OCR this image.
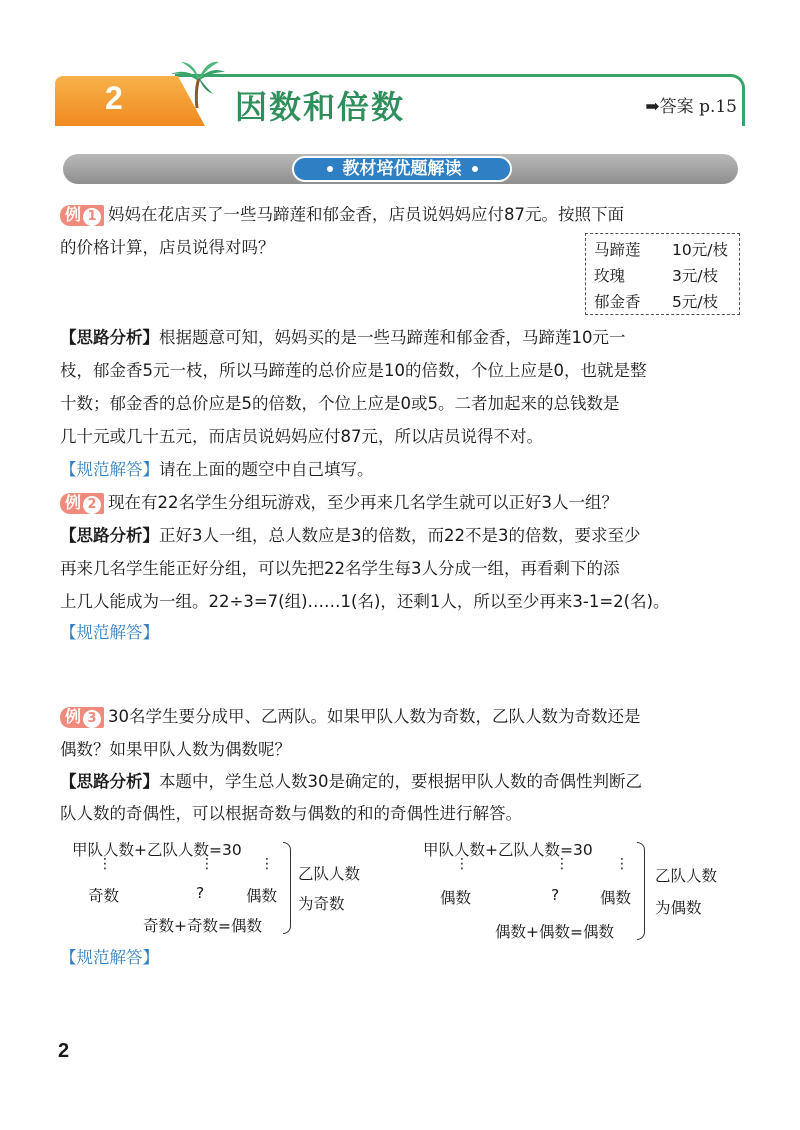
2	因数和倍数	➡答案 p.15
教材培优题解读
例 1 妈妈在花店买了一些马蹄莲和郁金香，店员说妈妈应付87元。按照下面
的价格计算，店员说得对吗？	马蹄莲 10元/枝
玫瑰	3元/枝
郁金香 5元/枝
【思路分析】根据题意可知，妈妈买的是一些马蹄莲和郁金香，马蹄莲10元一
枝，郁金香5元一枝，所以马蹄莲的总价应是10的倍数，个位上应是0，也就是整
十数；郁金香的总价应是5的倍数，个位上应是0或5。二者加起来的总钱数是
几十元或几十五元，而店员说妈妈应付87元，所以店员说得不对。
【规范解答】请在上面的题空中自己填写。
例 2 现在有22名学生分组玩游戏，至少再来几名学生就可以正好3人一组？
【思路分析】正好3人一组，总人数应是3的倍数，而22不是3的倍数，要求至少
再来几名学生能正好分组，可以先把22名学生每3人分成一组，再看剩下的添
上几人能成为一组。22÷3=7(组)……1(名)，还剩1人，所以至少再来3-1=2(名)。
【规范解答】
例 3 30名学生要分成甲、乙两队。如果甲队人数为奇数，乙队人数为奇数还是
偶数？如果甲队人数为偶数呢？
【思路分析】本题中，学生总人数30是确定的，要根据甲队人数的奇偶性判断乙
队人数的奇偶性，可以根据奇数与偶数的和的奇偶性进行解答。
甲队人数+乙队人数=30
⋮	⋮	⋮
奇数	?	偶数
奇数+奇数=偶数
乙队人数
为奇数
甲队人数+乙队人数=30
⋮	⋮	⋮
偶数	?	偶数
偶数+偶数=偶数
乙队人数
为偶数
【规范解答】
2
